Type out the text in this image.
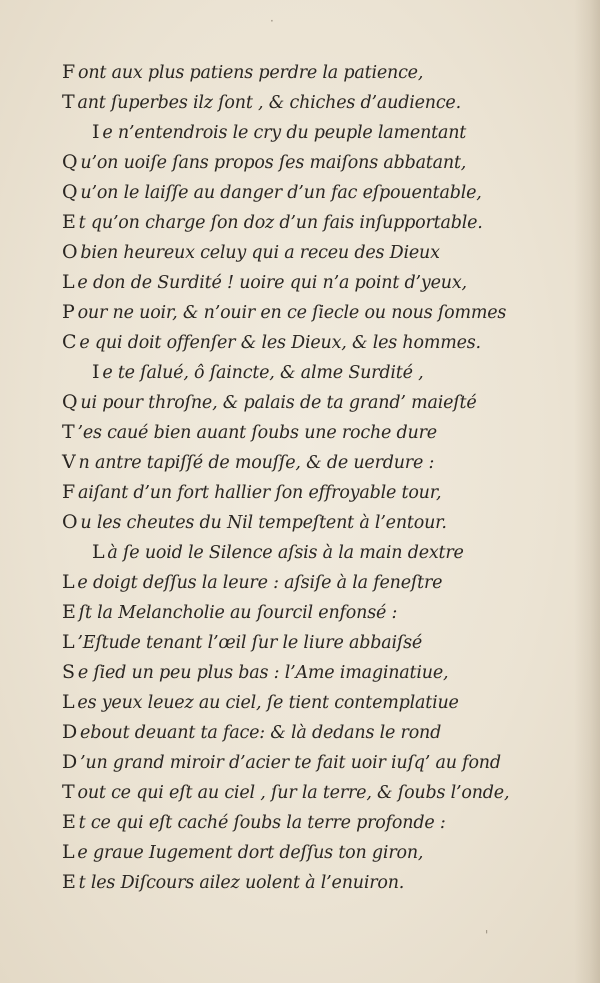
F ont aux plus patiens perdre la patience,
T ant ſuperbes ilz ſont , & chiches d’audience.
I e n’entendrois le cry du peuple lamentant
Q u’on uoiſe ſans propos ſes maiſons abbatant,
Q u’on le laiſſe au danger d’un fac eſpouentable,
E t qu’on charge ſon doz d’un fais inſupportable.
O bien heureux celuy qui a receu des Dieux
L e don de Surdité ! uoire qui n’a point d’yeux,
P our ne uoir, & n’ouir en ce ſiecle ou nous ſommes
C e qui doit offenſer & les Dieux, & les hommes.
I e te ſalué, ô ſaincte, & alme Surdité ,
Q ui pour throſne, & palais de ta grand’ maieſté
T ’es caué bien auant ſoubs une roche dure
V n antre tapiſſé de mouſſe, & de uerdure :
F aiſant d’un fort hallier ſon effroyable tour,
O u les cheutes du Nil tempeſtent à l’entour.
L à ſe uoid le Silence aſsis à la main dextre
L e doigt deſſus la leure : aſsiſe à la feneſtre
E ſt la Melancholie au ſourcil enfonsé :
L ’Eſtude tenant l’œil ſur le liure abbaiſsé
S e ſied un peu plus bas : l’Ame imaginatiue,
L es yeux leuez au ciel, ſe tient contemplatiue
D ebout deuant ta face: & là dedans le rond
D ’un grand miroir d’acier te fait uoir iuſq’ au fond
T out ce qui eſt au ciel , ſur la terre, & ſoubs l’onde,
E t ce qui eſt caché ſoubs la terre profonde :
L e graue Iugement dort deſſus ton giron,
E t les Diſcours ailez uolent à l’enuiron.
·
'
